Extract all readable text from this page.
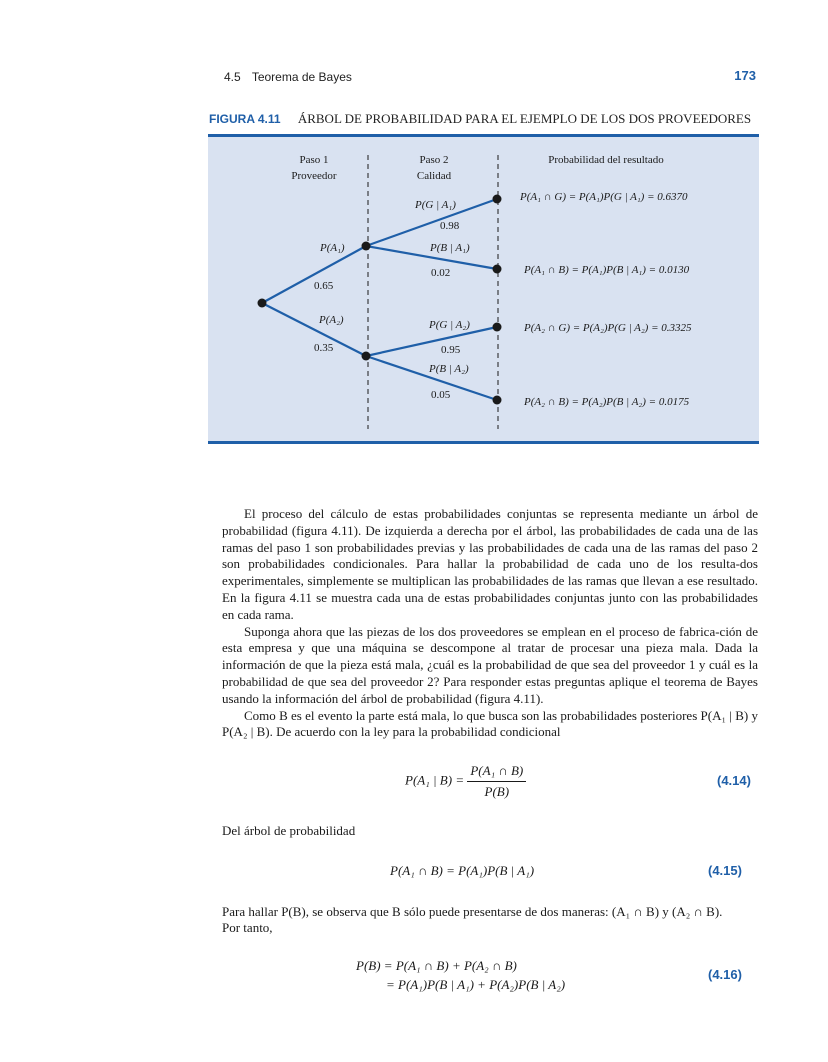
4.5 Teorema de Bayes	173
FIGURA 4.11 ÁRBOL DE PROBABILIDAD PARA EL EJEMPLO DE LOS DOS PROVEEDORES
Paso 1
Proveedor
Paso 2
Calidad
Probabilidad del resultado
P(A₁)
0.65
P(A₂)
0.35
P(G | A₁)
0.98
P(B | A₁)
0.02
P(G | A₂)
0.95
P(B | A₂)
0.05
P(A₁ ∩ G) = P(A₁)P(G | A₁) = 0.6370
P(A₁ ∩ B) = P(A₁)P(B | A₁) = 0.0130
P(A₂ ∩ G) = P(A₂)P(G | A₂) = 0.3325
P(A₂ ∩ B) = P(A₂)P(B | A₂) = 0.0175

El proceso del cálculo de estas probabilidades conjuntas se representa mediante un árbol de probabilidad (figura 4.11). De izquierda a derecha por el árbol, las probabilidades de cada una de las ramas del paso 1 son probabilidades previas y las probabilidades de cada una de las ramas del paso 2 son probabilidades condicionales. Para hallar la probabilidad de cada uno de los resulta-dos experimentales, simplemente se multiplican las probabilidades de las ramas que llevan a ese resultado. En la figura 4.11 se muestra cada una de estas probabilidades conjuntas junto con las probabilidades en cada rama.

Suponga ahora que las piezas de los dos proveedores se emplean en el proceso de fabrica-ción de esta empresa y que una máquina se descompone al tratar de procesar una pieza mala. Dada la información de que la pieza está mala, ¿cuál es la probabilidad de que sea del proveedor 1 y cuál es la probabilidad de que sea del proveedor 2? Para responder estas preguntas aplique el teorema de Bayes usando la información del árbol de probabilidad (figura 4.11).

Como B es el evento la parte está mala, lo que busca son las probabilidades posteriores P(A₁ | B) y P(A₂ | B). De acuerdo con la ley para la probabilidad condicional

P(A₁ | $B) = \frac{\text{P(A₁ ∩ B)}}{P(B)}$	(4.14)
Del árbol de probabilidad
P(A₁ ∩ B) = P(A₁)P(B | A₁)	(4.15)
Para hallar P(B), se observa que B sólo puede presentarse de dos maneras: (A₁ ∩ B) y (A₂ ∩ B).
Por tanto,
P(B) = P(A₁ ∩ B) + P(A₂ ∩ B)
= P(A₁)P(B | A₁) + P(A₂)P(B | A₂)
(4.16)
